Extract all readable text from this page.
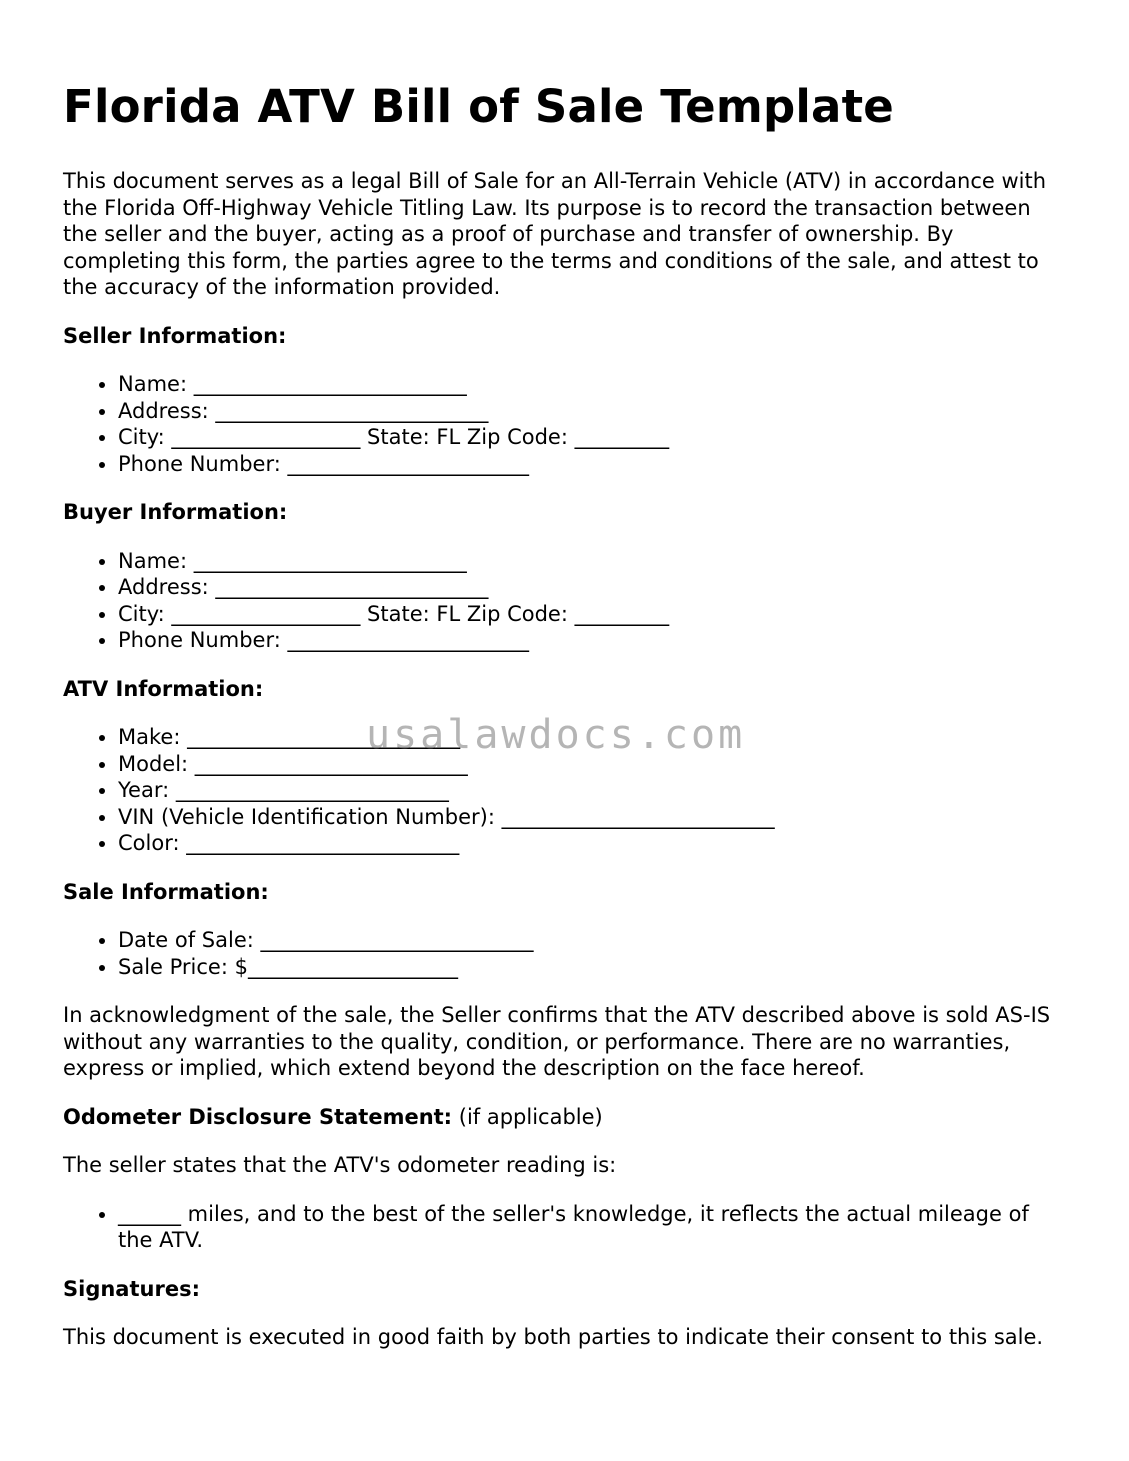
Florida ATV Bill of Sale Template

This document serves as a legal Bill of Sale for an All-Terrain Vehicle (ATV) in accordance with the Florida Off-Highway Vehicle Titling Law. Its purpose is to record the transaction between the seller and the buyer, acting as a proof of purchase and transfer of ownership. By completing this form, the parties agree to the terms and conditions of the sale, and attest to the accuracy of the information provided.

Seller Information:
• Name: __________________________
• Address: __________________________
• City: __________________ State: FL Zip Code: _________
• Phone Number: _______________________
Buyer Information:
• Name: __________________________
• Address: __________________________
• City: __________________ State: FL Zip Code: _________
• Phone Number: _______________________
ATV Information:
• Make: __________________________
• Model: __________________________
• Year: __________________________
• VIN (Vehicle Identification Number): __________________________
• Color: __________________________
Sale Information:
• Date of Sale: __________________________
• Sale Price: $____________________

In acknowledgment of the sale, the Seller confirms that the ATV described above is sold AS-IS without any warranties to the quality, condition, or performance. There are no warranties, express or implied, which extend beyond the description on the face hereof.

Odometer Disclosure Statement: (if applicable)

The seller states that the ATV's odometer reading is:

• ______ miles, and to the best of the seller's knowledge, it reflects the actual mileage of the ATV.
Signatures:

This document is executed in good faith by both parties to indicate their consent to this sale.

usalawdocs.com
